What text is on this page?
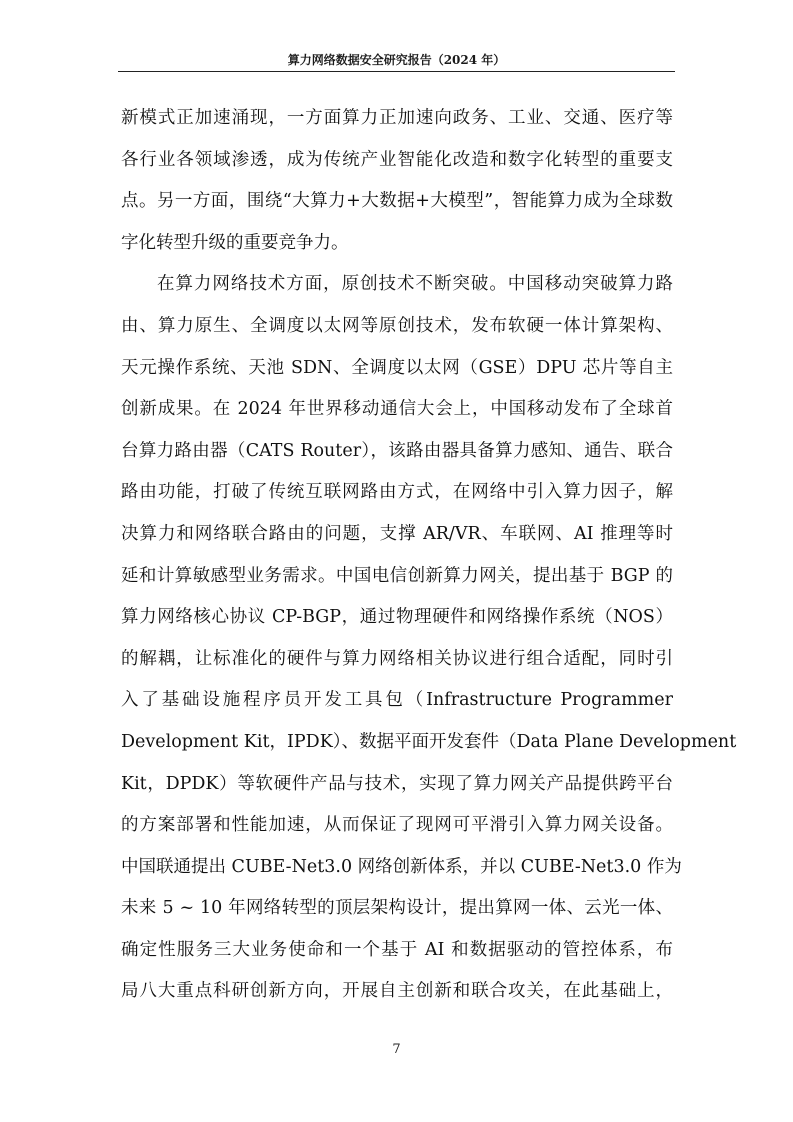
算力网络数据安全研究报告（2024 年）
新模式正加速涌现，一方面算力正加速向政务、工业、交通、医疗等
各行业各领域渗透，成为传统产业智能化改造和数字化转型的重要支
点。另一方面，围绕“大算力+大数据+大模型”，智能算力成为全球数
字化转型升级的重要竞争力。
在算力网络技术方面，原创技术不断突破。中国移动突破算力路
由、算力原生、全调度以太网等原创技术，发布软硬一体计算架构、
天元操作系统、天池 SDN、全调度以太网（GSE）DPU 芯片等自主
创新成果。在 2024 年世界移动通信大会上，中国移动发布了全球首
台算力路由器（CATS Router），该路由器具备算力感知、通告、联合
路由功能，打破了传统互联网路由方式，在网络中引入算力因子，解
决算力和网络联合路由的问题，支撑 AR/VR、车联网、AI 推理等时
延和计算敏感型业务需求。中国电信创新算力网关，提出基于 BGP 的
算力网络核心协议 CP-BGP，通过物理硬件和网络操作系统（NOS）
的解耦，让标准化的硬件与算力网络相关协议进行组合适配，同时引
入了基础设施程序员开发工具包（Infrastructure Programmer
Development Kit，IPDK）、数据平面开发套件（Data Plane Development
Kit，DPDK）等软硬件产品与技术，实现了算力网关产品提供跨平台
的方案部署和性能加速，从而保证了现网可平滑引入算力网关设备。
中国联通提出 CUBE-Net3.0 网络创新体系，并以 CUBE-Net3.0 作为
未来 5 ~ 10 年网络转型的顶层架构设计，提出算网一体、云光一体、
确定性服务三大业务使命和一个基于 AI 和数据驱动的管控体系，布
局八大重点科研创新方向，开展自主创新和联合攻关，在此基础上，
7
